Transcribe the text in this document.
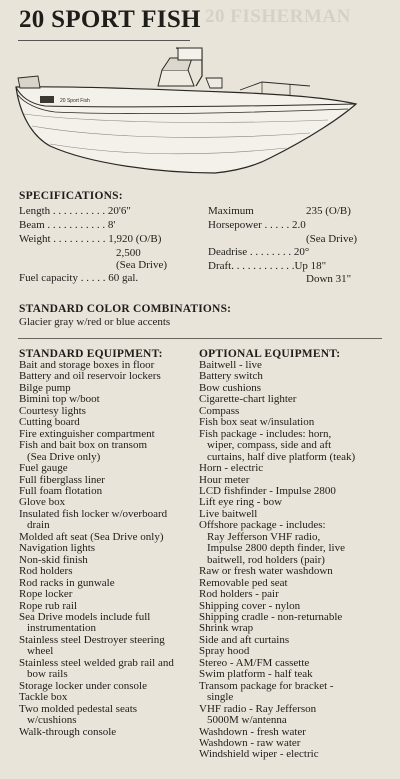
20 FISHERMAN
20 SPORT FISH
20 Sport Fish
SPECIFICATIONS:
Length . . . . . . . . . . 20'6"
Beam . . . . . . . . . . . 8'
Weight . . . . . . . . . . 1,920 (O/B)
2,500
(Sea Drive)
Fuel capacity . . . . . 60 gal.
Maximum	235 (O/B)
Horsepower . . . . . 2.0
(Sea Drive)
Deadrise . . . . . . . . 20°
Draft. . . . . . . . . . . .Up 18"
Down 31"
STANDARD COLOR COMBINATIONS:
Glacier gray w/red or blue accents
STANDARD EQUIPMENT:
Bait and storage boxes in floor
Battery and oil reservoir lockers
Bilge pump
Bimini top w/boot
Courtesy lights
Cutting board
Fire extinguisher compartment
Fish and bait box on transom
(Sea Drive only)
Fuel gauge
Full fiberglass liner
Full foam flotation
Glove box
Insulated fish locker w/overboard
drain
Molded aft seat (Sea Drive only)
Navigation lights
Non-skid finish
Rod holders
Rod racks in gunwale
Rope locker
Rope rub rail
Sea Drive models include full
instrumentation
Stainless steel Destroyer steering
wheel
Stainless steel welded grab rail and
bow rails
Storage locker under console
Tackle box
Two molded pedestal seats
w/cushions
Walk-through console
OPTIONAL EQUIPMENT:
Baitwell - live
Battery switch
Bow cushions
Cigarette-chart lighter
Compass
Fish box seat w/insulation
Fish package - includes: horn,
wiper, compass, side and aft
curtains, half dive platform (teak)
Horn - electric
Hour meter
LCD fishfinder - Impulse 2800
Lift eye ring - bow
Live baitwell
Offshore package - includes:
Ray Jefferson VHF radio,
Impulse 2800 depth finder, live
baitwell, rod holders (pair)
Raw or fresh water washdown
Removable ped seat
Rod holders - pair
Shipping cover - nylon
Shipping cradle - non-returnable
Shrink wrap
Side and aft curtains
Spray hood
Stereo - AM/FM cassette
Swim platform - half teak
Transom package for bracket -
single
VHF radio - Ray Jefferson
5000M w/antenna
Washdown - fresh water
Washdown - raw water
Windshield wiper - electric
